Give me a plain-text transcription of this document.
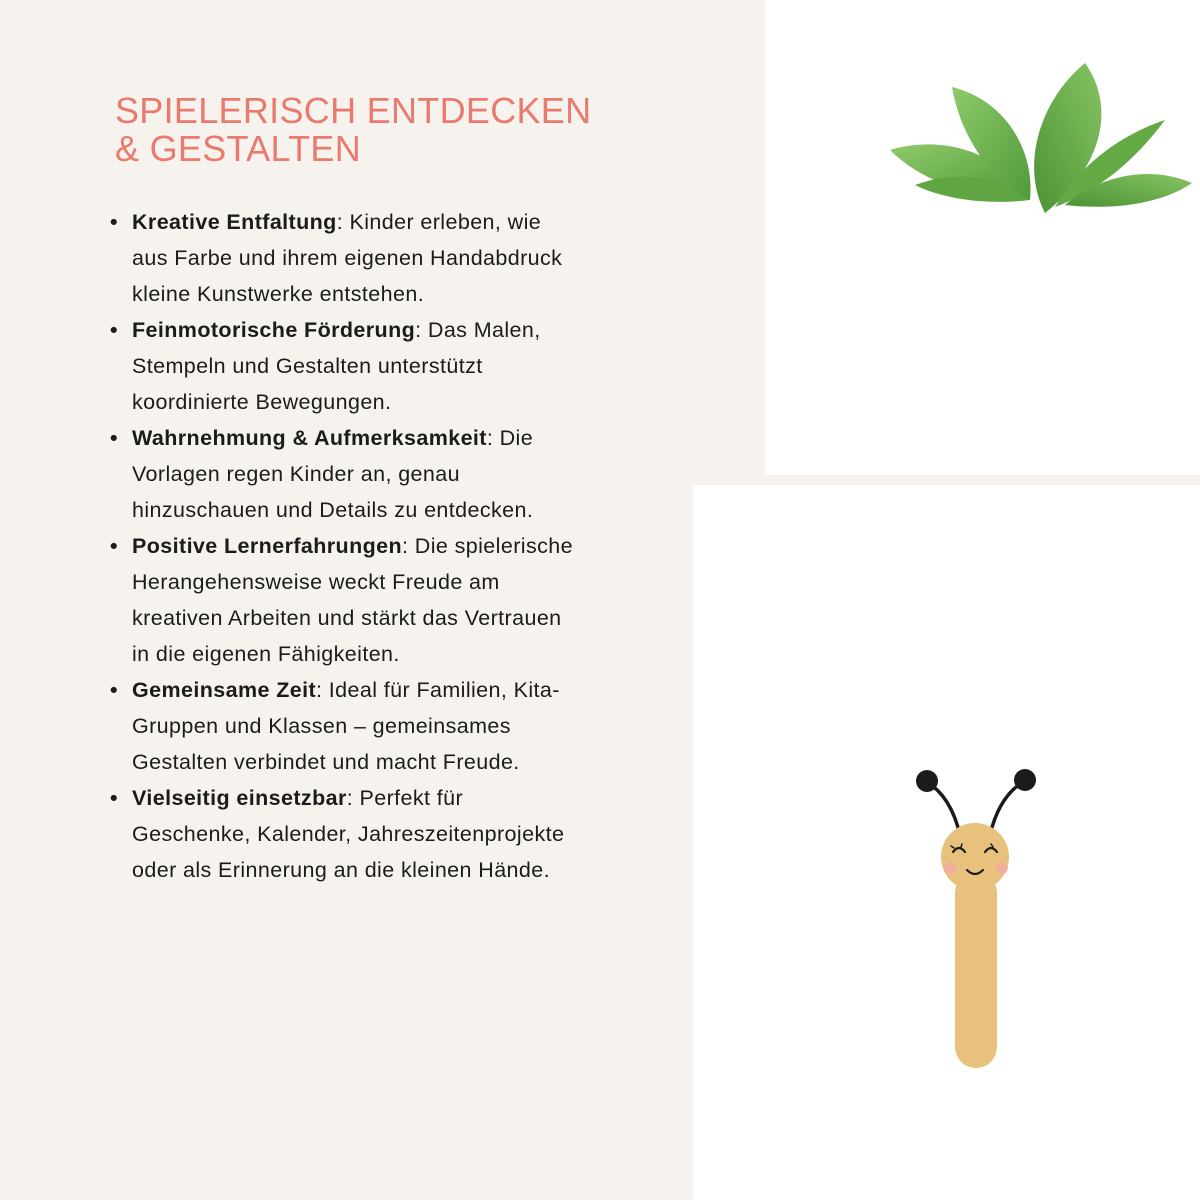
SPIELERISCH ENTDECKEN
& GESTALTEN
• Kreative Entfaltung: Kinder erleben, wie aus Farbe und ihrem eigenen Handabdruck kleine Kunstwerke entstehen.
• Feinmotorische Förderung: Das Malen, Stempeln und Gestalten unterstützt koordinierte Bewegungen.
• Wahrnehmung & Aufmerksamkeit: Die Vorlagen regen Kinder an, genau hinzuschauen und Details zu entdecken.
• Positive Lernerfahrungen: Die spielerische Herangehensweise weckt Freude am kreativen Arbeiten und stärkt das Vertrauen in die eigenen Fähigkeiten.
• Gemeinsame Zeit: Ideal für Familien, Kita-Gruppen und Klassen – gemeinsames Gestalten verbindet und macht Freude.
• Vielseitig einsetzbar: Perfekt für Geschenke, Kalender, Jahreszeitenprojekte oder als Erinnerung an die kleinen Hände.
